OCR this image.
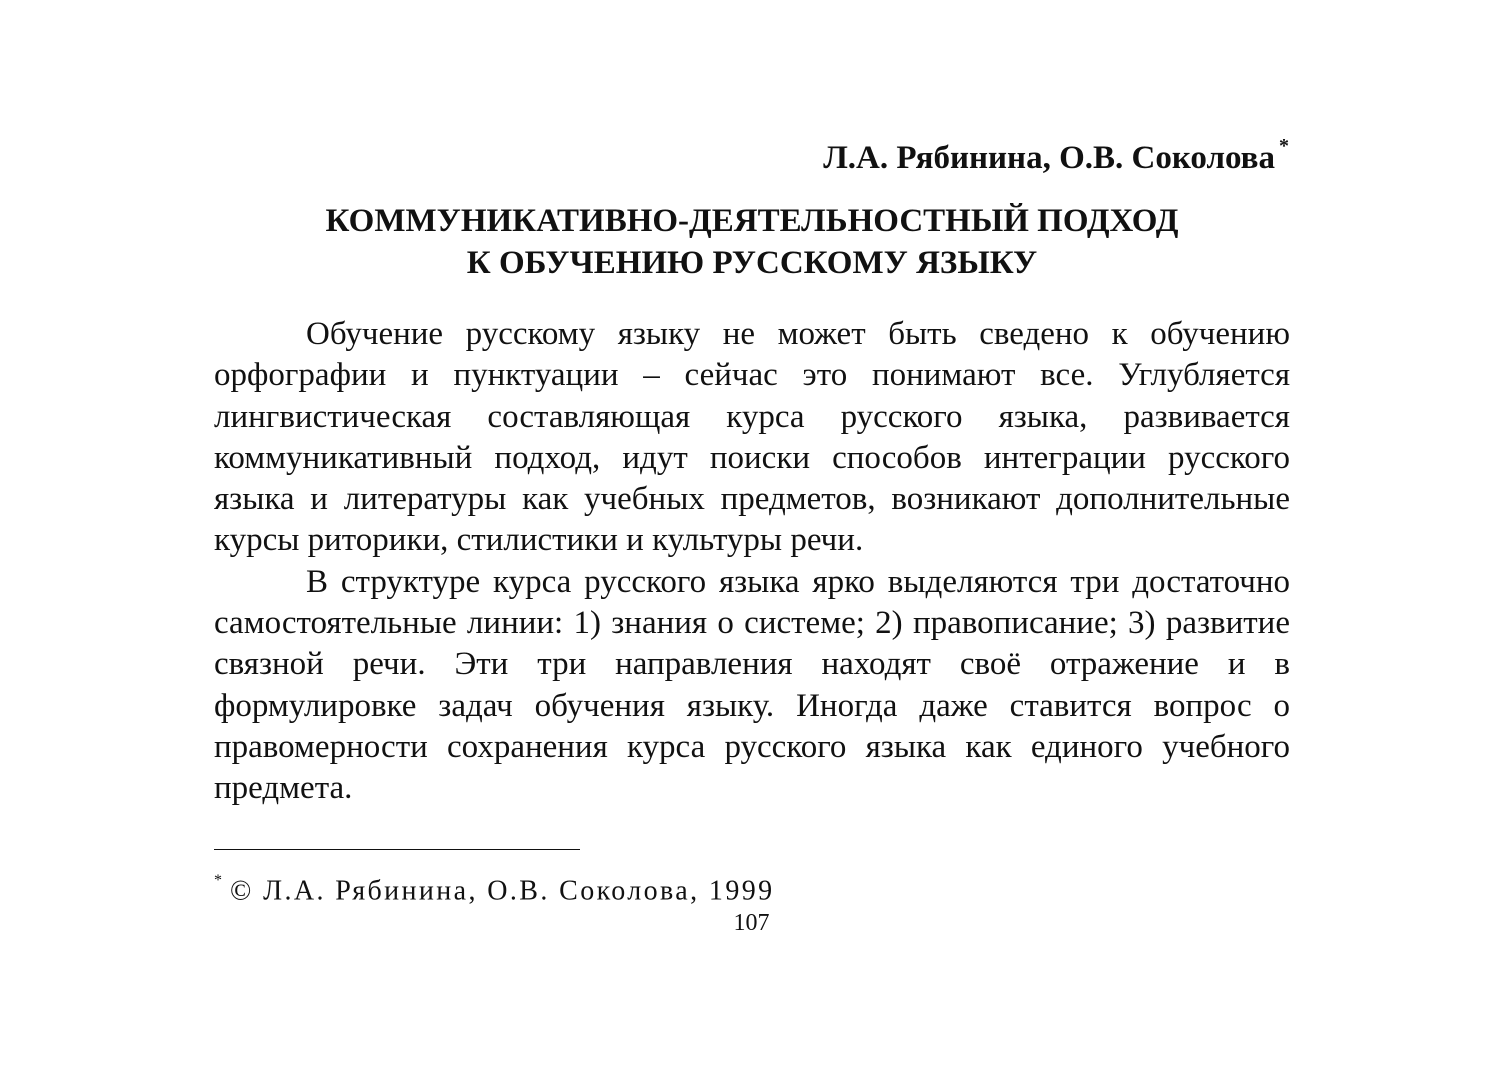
Л.А. Рябинина, О.В. Соколова *
КОММУНИКАТИВНО-ДЕЯТЕЛЬНОСТНЫЙ ПОДХОД
К ОБУЧЕНИЮ РУССКОМУ ЯЗЫКУ

Обучение русскому языку не может быть сведено к обучению орфографии и пунктуации – сейчас это понимают все. Углубляется лингвистическая составляющая курса русского языка, развивается коммуникативный подход, идут поиски способов интеграции русского языка и литературы как учебных предметов, возникают дополнительные курсы риторики, стилистики и культуры речи.

В структуре курса русского языка ярко выделяются три достаточно самостоятельные линии: 1) знания о системе; 2) правописание; 3) развитие связной речи. Эти три направления находят своё отражение и в формулировке задач обучения языку. Иногда даже ставится вопрос о правомерности сохранения курса русского языка как единого учебного предмета.

* © Л.А. Рябинина, О.В. Соколова, 1999
107
